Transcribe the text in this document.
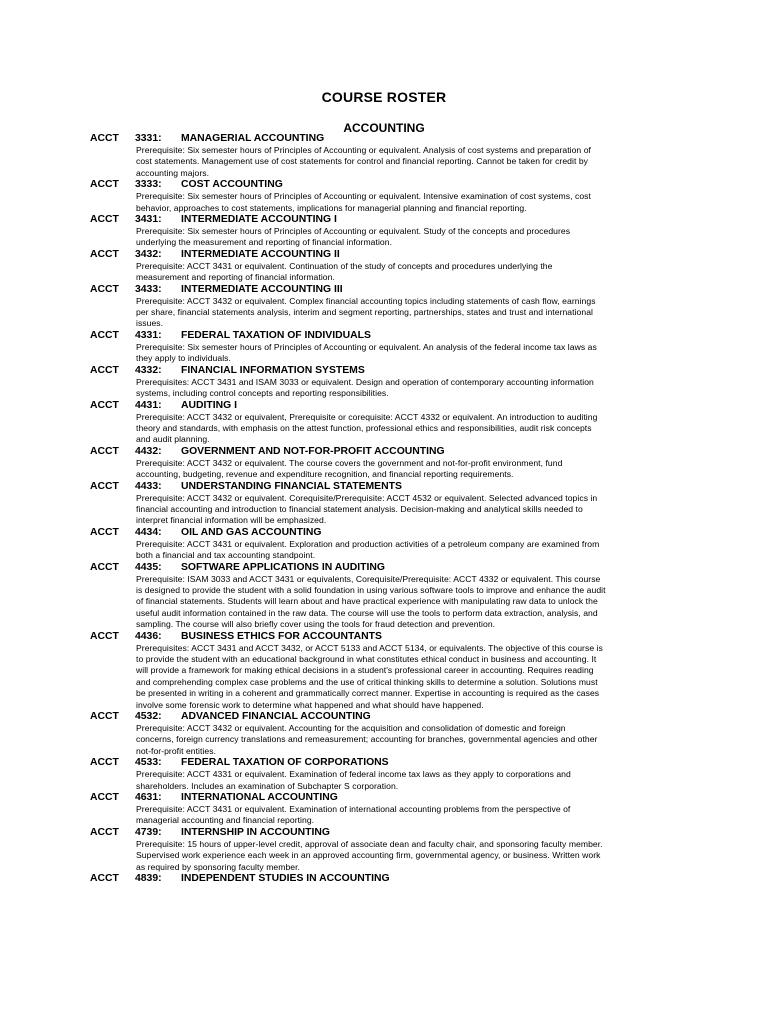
COURSE ROSTER
ACCOUNTING
ACCT 3331: MANAGERIAL ACCOUNTING
Prerequisite: Six semester hours of Principles of Accounting or equivalent. Analysis of cost systems and preparation of
cost statements. Management use of cost statements for control and financial reporting. Cannot be taken for credit by
accounting majors.
ACCT 3333: COST ACCOUNTING
Prerequisite: Six semester hours of Principles of Accounting or equivalent. Intensive examination of cost systems, cost
behavior, approaches to cost statements, implications for managerial planning and financial reporting.
ACCT 3431: INTERMEDIATE ACCOUNTING I
Prerequisite: Six semester hours of Principles of Accounting or equivalent. Study of the concepts and procedures
underlying the measurement and reporting of financial information.
ACCT 3432: INTERMEDIATE ACCOUNTING II
Prerequisite: ACCT 3431 or equivalent. Continuation of the study of concepts and procedures underlying the
measurement and reporting of financial information.
ACCT 3433: INTERMEDIATE ACCOUNTING III
Prerequisite: ACCT 3432 or equivalent. Complex financial accounting topics including statements of cash flow, earnings
per share, financial statements analysis, interim and segment reporting, partnerships, states and trust and international
issues.
ACCT 4331: FEDERAL TAXATION OF INDIVIDUALS
Prerequisite: Six semester hours of Principles of Accounting or equivalent. An analysis of the federal income tax laws as
they apply to individuals.
ACCT 4332: FINANCIAL INFORMATION SYSTEMS
Prerequisites: ACCT 3431 and ISAM 3033 or equivalent. Design and operation of contemporary accounting information
systems, including control concepts and reporting responsibilities.
ACCT 4431: AUDITING I
Prerequisite: ACCT 3432 or equivalent, Prerequisite or corequisite: ACCT 4332 or equivalent. An introduction to auditing
theory and standards, with emphasis on the attest function, professional ethics and responsibilities, audit risk concepts
and audit planning.
ACCT 4432: GOVERNMENT AND NOT-FOR-PROFIT ACCOUNTING
Prerequisite: ACCT 3432 or equivalent. The course covers the government and not-for-profit environment, fund
accounting, budgeting, revenue and expenditure recognition, and financial reporting requirements.
ACCT 4433: UNDERSTANDING FINANCIAL STATEMENTS
Prerequisite: ACCT 3432 or equivalent. Corequisite/Prerequisite: ACCT 4532 or equivalent. Selected advanced topics in
financial accounting and introduction to financial statement analysis. Decision-making and analytical skills needed to
interpret financial information will be emphasized.
ACCT 4434: OIL AND GAS ACCOUNTING
Prerequisite: ACCT 3431 or equivalent. Exploration and production activities of a petroleum company are examined from
both a financial and tax accounting standpoint.
ACCT 4435: SOFTWARE APPLICATIONS IN AUDITING
Prerequisite: ISAM 3033 and ACCT 3431 or equivalents, Corequisite/Prerequisite: ACCT 4332 or equivalent. This course
is designed to provide the student with a solid foundation in using various software tools to improve and enhance the audit
of financial statements. Students will learn about and have practical experience with manipulating raw data to unlock the
useful audit information contained in the raw data. The course will use the tools to perform data extraction, analysis, and
sampling. The course will also briefly cover using the tools for fraud detection and prevention.
ACCT 4436: BUSINESS ETHICS FOR ACCOUNTANTS
Prerequisites: ACCT 3431 and ACCT 3432, or ACCT 5133 and ACCT 5134, or equivalents. The objective of this course is
to provide the student with an educational background in what constitutes ethical conduct in business and accounting. It
will provide a framework for making ethical decisions in a student's professional career in accounting. Requires reading
and comprehending complex case problems and the use of critical thinking skills to determine a solution. Solutions must
be presented in writing in a coherent and grammatically correct manner. Expertise in accounting is required as the cases
involve some forensic work to determine what happened and what should have happened.
ACCT 4532: ADVANCED FINANCIAL ACCOUNTING
Prerequisite: ACCT 3432 or equivalent. Accounting for the acquisition and consolidation of domestic and foreign
concerns, foreign currency translations and remeasurement; accounting for branches, governmental agencies and other
not-for-profit entities.
ACCT 4533: FEDERAL TAXATION OF CORPORATIONS
Prerequisite: ACCT 4331 or equivalent. Examination of federal income tax laws as they apply to corporations and
shareholders. Includes an examination of Subchapter S corporation.
ACCT 4631: INTERNATIONAL ACCOUNTING
Prerequisite: ACCT 3431 or equivalent. Examination of international accounting problems from the perspective of
managerial accounting and financial reporting.
ACCT 4739: INTERNSHIP IN ACCOUNTING
Prerequisite: 15 hours of upper-level credit, approval of associate dean and faculty chair, and sponsoring faculty member.
Supervised work experience each week in an approved accounting firm, governmental agency, or business. Written work
as required by sponsoring faculty member.
ACCT 4839: INDEPENDENT STUDIES IN ACCOUNTING
